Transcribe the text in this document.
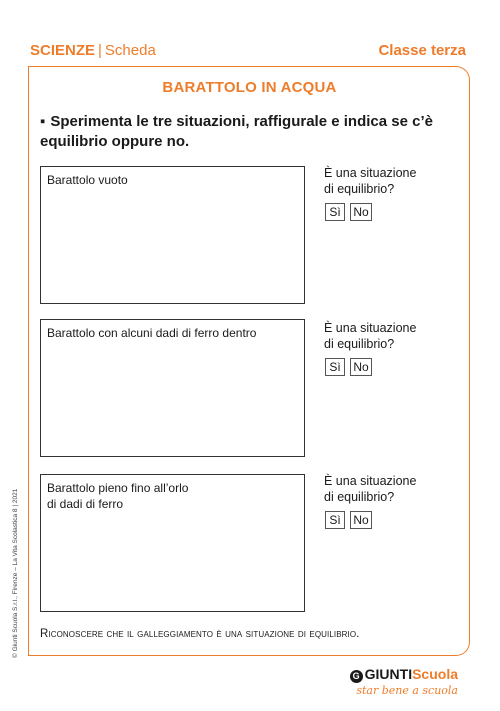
SCIENZE | Scheda	Classe terza
BARATTOLO IN ACQUA
▪ Sperimenta le tre situazioni, raffigurale e indica se c’è equilibrio oppure no.
Barattolo vuoto	È una situazione
di equilibrio?
Sì	No
Barattolo con alcuni dadi di ferro dentro	È una situazione
di equilibrio?
Sì	No
Barattolo pieno fino all’orlo
di dadi di ferro
È una situazione
di equilibrio?
Sì	No
Riconoscere che il galleggiamento è una situazione di equilibrio.
© Giunti Scuola S.r.l., Firenze – La Vita Scolastica 8 | 2021
G GIUNTIScuola
star bene a scuola
